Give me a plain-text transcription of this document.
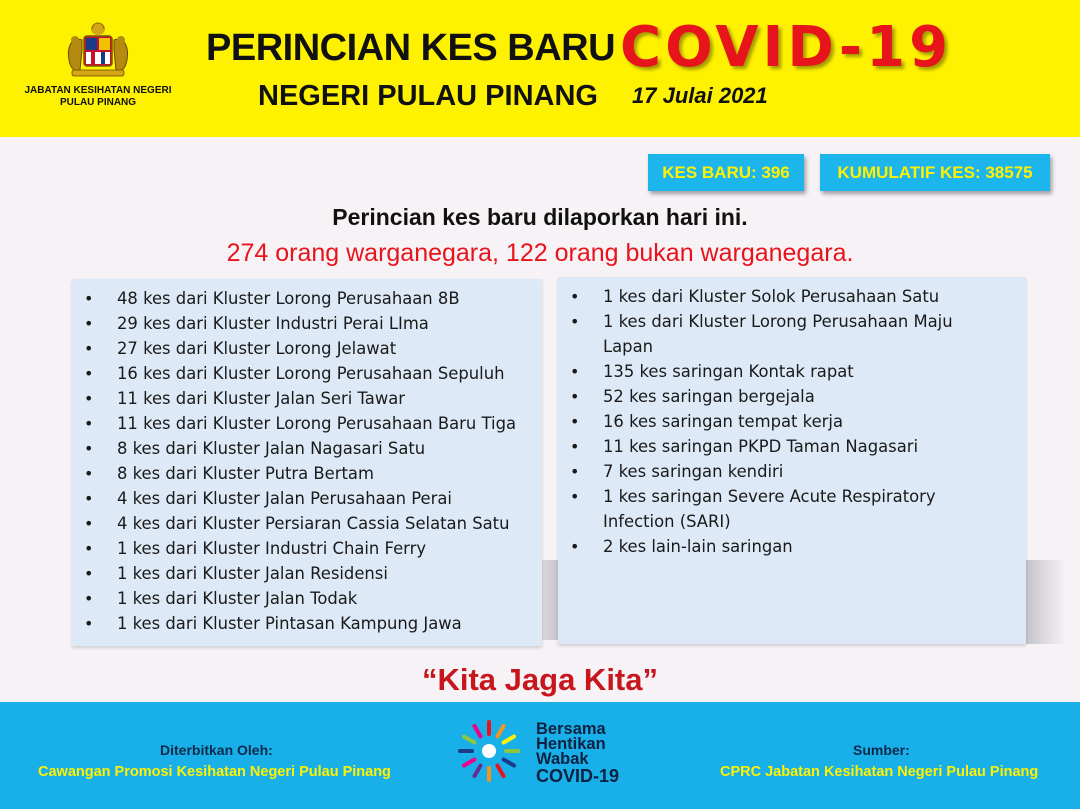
JABATAN KESIHATAN NEGERI PULAU PINANG
PERINCIAN KES BARU
NEGERI PULAU PINANG
COVID-19
17 Julai 2021
KES BARU: 396	KUMULATIF KES: 38575
Perincian kes baru dilaporkan hari ini.
274 orang warganegara, 122 orang bukan warganegara.
• 48 kes dari Kluster Lorong Perusahaan 8B
• 29 kes dari Kluster Industri Perai LIma
• 27 kes dari Kluster Lorong Jelawat
• 16 kes dari Kluster Lorong Perusahaan Sepuluh
• 11 kes dari Kluster Jalan Seri Tawar
• 11 kes dari Kluster Lorong Perusahaan Baru Tiga
• 8 kes dari Kluster Jalan Nagasari Satu
• 8 kes dari Kluster Putra Bertam
• 4 kes dari Kluster Jalan Perusahaan Perai
• 4 kes dari Kluster Persiaran Cassia Selatan Satu
• 1 kes dari Kluster Industri Chain Ferry
• 1 kes dari Kluster Jalan Residensi
• 1 kes dari Kluster Jalan Todak
• 1 kes dari Kluster Pintasan Kampung Jawa
• 1 kes dari Kluster Solok Perusahaan Satu
• 1 kes dari Kluster Lorong Perusahaan Maju Lapan
• 135 kes saringan Kontak rapat
• 52 kes saringan bergejala
• 16 kes saringan tempat kerja
• 11 kes saringan PKPD Taman Nagasari
• 7 kes saringan kendiri
• 1 kes saringan Severe Acute Respiratory Infection (SARI)
• 2 kes lain-lain saringan
“Kita Jaga Kita”
Diterbitkan Oleh:
Cawangan Promosi Kesihatan Negeri Pulau Pinang
Bersama
Hentikan
Wabak
COVID-19
Sumber:
CPRC Jabatan Kesihatan Negeri Pulau Pinang
